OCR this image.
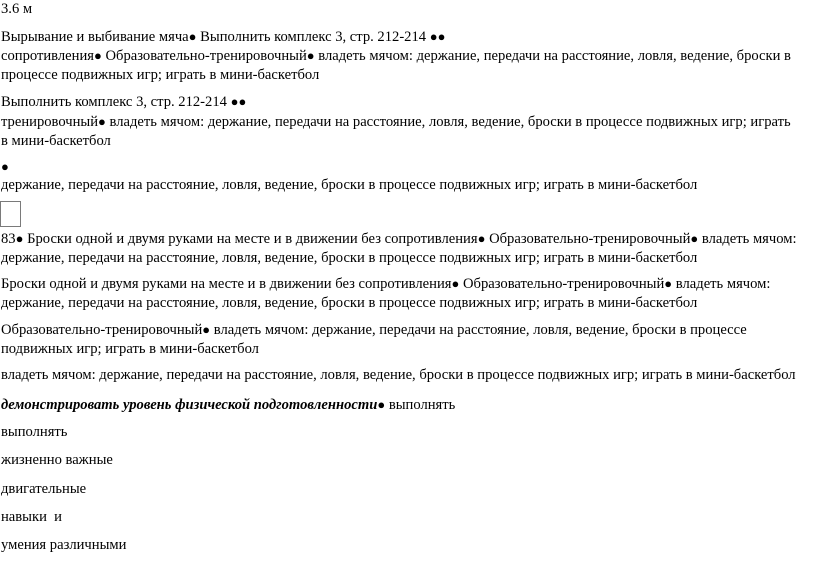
3.6 м
Вырывание и выбивание мяча● Выполнить комплекс 3, стр. 212-214 ●●
сопротивления● Образовательно-тренировочный● владеть мячом: держание, передачи на расстояние, ловля, ведение, броски в процессе подвижных игр; играть в мини-баскетбол
Выполнить комплекс 3, стр. 212-214 ●●
тренировочный● владеть мячом: держание, передачи на расстояние, ловля, ведение, броски в процессе подвижных игр; играть в мини-баскетбол
●
держание, передачи на расстояние, ловля, ведение, броски в процессе подвижных игр; играть в мини-баскетбол
83● Броски одной и двумя руками на месте и в движении без сопротивления● Образовательно-тренировочный● владеть мячом: держание, передачи на расстояние, ловля, ведение, броски в процессе подвижных игр; играть в мини-баскетбол
Броски одной и двумя руками на месте и в движении без сопротивления● Образовательно-тренировочный● владеть мячом: держание, передачи на расстояние, ловля, ведение, броски в процессе подвижных игр; играть в мини-баскетбол
Образовательно-тренировочный● владеть мячом: держание, передачи на расстояние, ловля, ведение, броски в процессе подвижных игр; играть в мини-баскетбол
владеть мячом: держание, передачи на расстояние, ловля, ведение, броски в процессе подвижных игр; играть в мини-баскетбол
демонстрировать уровень физической подготовленности● выполнять
выполнять
жизненно важные
двигательные
навыки  и
умения различными
